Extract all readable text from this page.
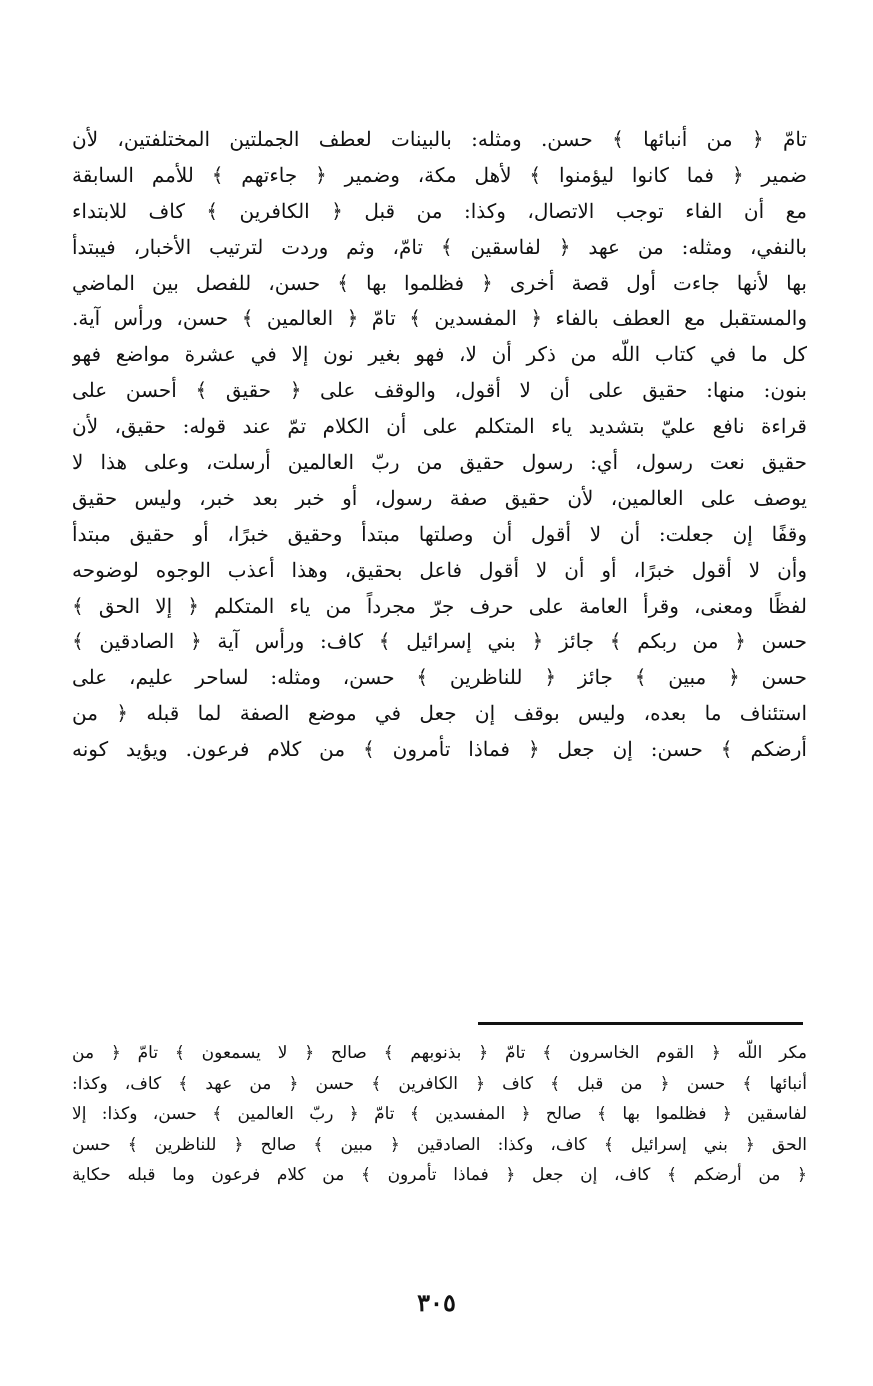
تامّ ﴿ من أنبائها ﴾ حسن. ومثله: بالبينات لعطف الجملتين المختلفتين، لأن
ضمير ﴿ فما كانوا ليؤمنوا ﴾ لأهل مكة، وضمير ﴿ جاءتهم ﴾ للأمم السابقة
مع أن الفاء توجب الاتصال، وكذا: من قبل ﴿ الكافرين ﴾ كاف للابتداء
بالنفي، ومثله: من عهد ﴿ لفاسقين ﴾ تامّ، وثم وردت لترتيب الأخبار، فيبتدأ
بها لأنها جاءت أول قصة أخرى ﴿ فظلموا بها ﴾ حسن، للفصل بين الماضي
والمستقبل مع العطف بالفاء ﴿ المفسدين ﴾ تامّ ﴿ العالمين ﴾ حسن، ورأس آية.
كل ما في كتاب اللّه من ذكر أن لا، فهو بغير نون إلا في عشرة مواضع فهو
بنون: منها: حقيق على أن لا أقول، والوقف على ﴿ حقيق ﴾ أحسن على
قراءة نافع عليّ بتشديد ياء المتكلم على أن الكلام تمّ عند قوله: حقيق، لأن
حقيق نعت رسول، أي: رسول حقيق من ربّ العالمين أرسلت، وعلى هذا لا
يوصف على العالمين، لأن حقيق صفة رسول، أو خبر بعد خبر، وليس حقيق
وقفًا إن جعلت: أن لا أقول أن وصلتها مبتدأ وحقيق خبرًا، أو حقيق مبتدأ
وأن لا أقول خبرًا، أو أن لا أقول فاعل بحقيق، وهذا أعذب الوجوه لوضوحه
لفظًا ومعنى، وقرأ العامة على حرف جرّ مجرداً من ياء المتكلم ﴿ إلا الحق ﴾
حسن ﴿ من ربكم ﴾ جائز ﴿ بني إسرائيل ﴾ كاف: ورأس آية ﴿ الصادقين ﴾
حسن ﴿ مبين ﴾ جائز ﴿ للناظرين ﴾ حسن، ومثله: لساحر عليم، على
استئناف ما بعده، وليس بوقف إن جعل في موضع الصفة لما قبله ﴿ من
أرضكم ﴾ حسن: إن جعل ﴿ فماذا تأمرون ﴾ من كلام فرعون. ويؤيد كونه
مكر اللّه ﴿ القوم الخاسرون ﴾ تامّ ﴿ بذنوبهم ﴾ صالح ﴿ لا يسمعون ﴾ تامّ ﴿ من
أنبائها ﴾ حسن ﴿ من قبل ﴾ كاف ﴿ الكافرين ﴾ حسن ﴿ من عهد ﴾ كاف، وكذا:
لفاسقين ﴿ فظلموا بها ﴾ صالح ﴿ المفسدين ﴾ تامّ ﴿ ربّ العالمين ﴾ حسن، وكذا: إلا
الحق ﴿ بني إسرائيل ﴾ كاف، وكذا: الصادقين ﴿ مبين ﴾ صالح ﴿ للناظرين ﴾ حسن
﴿ من أرضكم ﴾ كاف، إن جعل ﴿ فماذا تأمرون ﴾ من كلام فرعون وما قبله حكاية
٣٠٥
